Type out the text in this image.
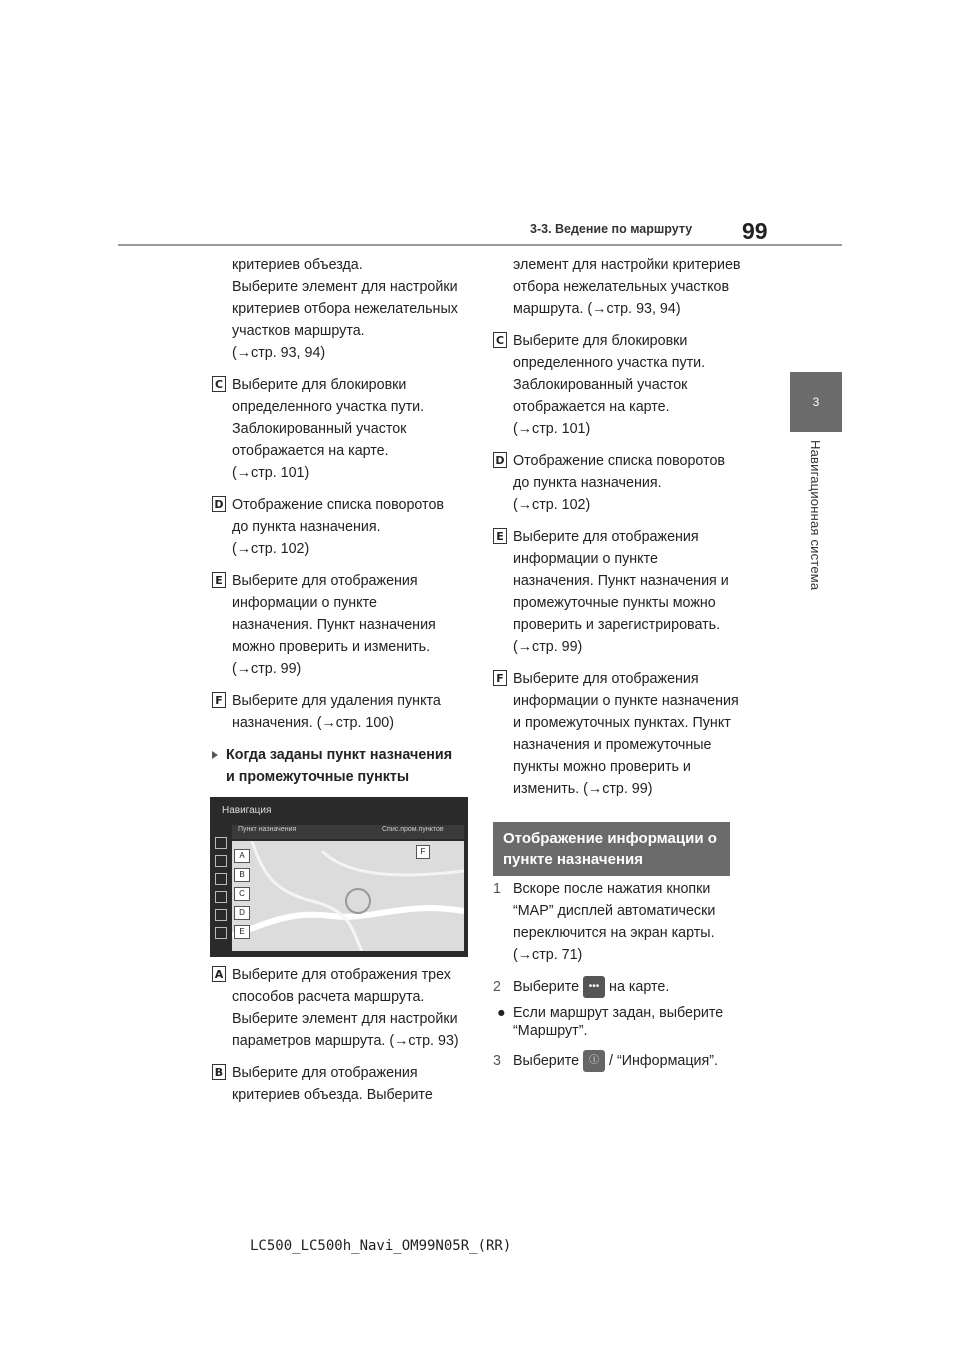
3-3. Ведение по маршруту 99
3
Навигационная система

критериев объезда.

Выберите элемент для настройки

критериев отбора нежелательных

участков маршрута.

(→стр. 93, 94)

C Выберите для блокировки

определенного участка пути.

Заблокированный участок

отображается на карте.

(→стр. 101)

D Отображение списка поворотов

до пункта назначения.

(→стр. 102)

E Выберите для отображения

информации о пункте

назначения. Пункт назначения

можно проверить и изменить.

(→стр. 99)

F Выберите для удаления пункта

назначения. (→стр. 100)

Когда заданы пункт назначения

и промежуточные пункты

Навигация
Пункт назначения	Спис.пром.пунктов
A
B
C
D
E
F
A Выберите для отображения трех

способов расчета маршрута.

Выберите элемент для настройки

параметров маршрута. (→стр. 93)

B Выберите для отображения

критериев объезда. Выберите

элемент для настройки критериев

отбора нежелательных участков

маршрута. (→стр. 93, 94)

C Выберите для блокировки

определенного участка пути.

Заблокированный участок

отображается на карте.

(→стр. 101)

D Отображение списка поворотов

до пункта назначения.

(→стр. 102)

E Выберите для отображения

информации о пункте

назначения. Пункт назначения и

промежуточные пункты можно

проверить и зарегистрировать.

(→стр. 99)

F Выберите для отображения

информации о пункте назначения

и промежуточных пунктах. Пункт

назначения и промежуточные

пункты можно проверить и

изменить. (→стр. 99)

Отображение информации о
пункте назначения
1 Вскоре после нажатия кнопки

“MAP” дисплей автоматически

переключится на экран карты.

(→стр. 71)

2 Выберите ••• на карте.

● Если маршрут задан, выберите

“Маршрут”.

3 Выберите ⓘ / “Информация”.

LC500_LC500h_Navi_OM99N05R_(RR)
